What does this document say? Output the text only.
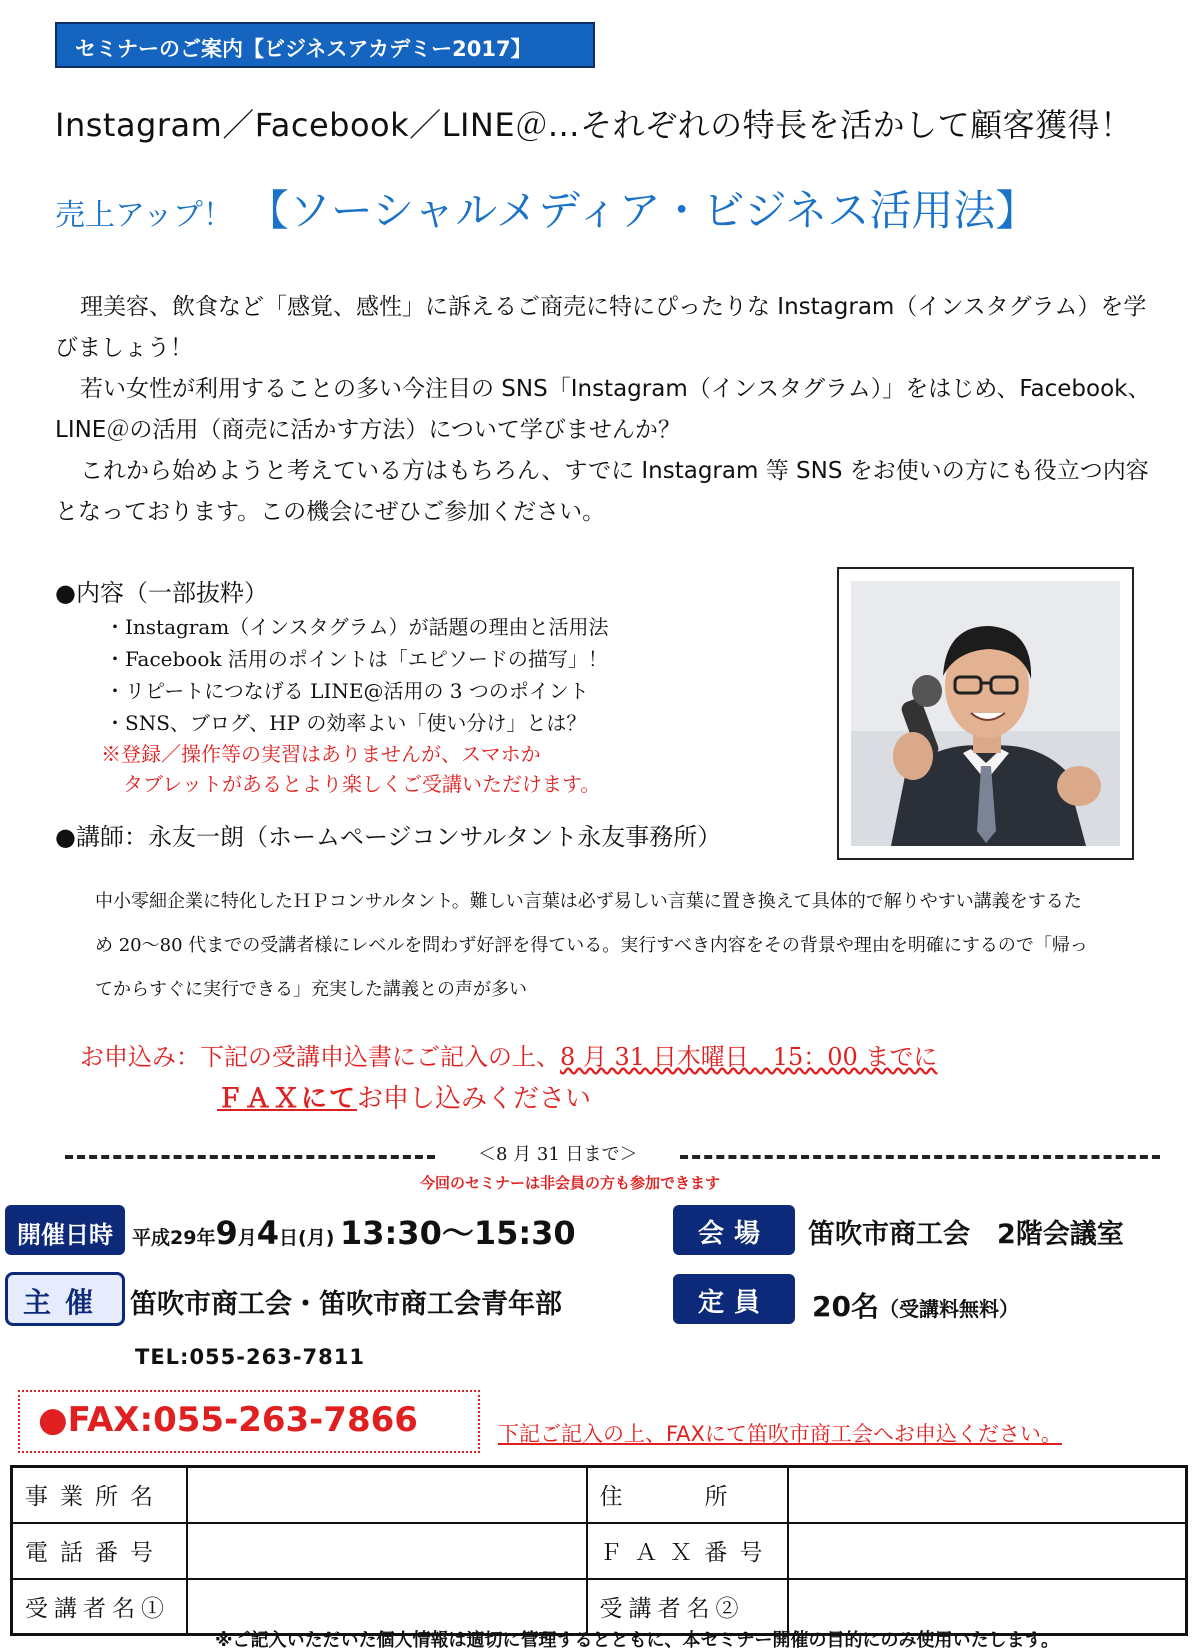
セミナーのご案内【ビジネスアカデミー2017】
Instagram／Facebook／LINE＠…それぞれの特長を活かして顧客獲得！
売上アップ！ 【ソーシャルメディア・ビジネス活用法】

理美容、飲食など「感覚、感性」に訴えるご商売に特にぴったりな Instagram（インスタグラム）を学びましょう！

若い女性が利用することの多い今注目の SNS「Instagram（インスタグラム）」をはじめ、Facebook、LINE＠の活用（商売に活かす方法）について学びませんか？

これから始めようと考えている方はもちろん、すでに Instagram 等 SNS をお使いの方にも役立つ内容となっております。この機会にぜひご参加ください。

●内容（一部抜粋）
・Instagram（インスタグラム）が話題の理由と活用法
・Facebook 活用のポイントは「エピソードの描写」！
・リピートにつなげる LINE@活用の 3 つのポイント
・SNS、ブログ、HP の効率よい「使い分け」とは？
※登録／操作等の実習はありませんが、スマホか
タブレットがあるとより楽しくご受講いただけます。
●講師：永友一朗（ホームページコンサルタント永友事務所）
中小零細企業に特化したＨＰコンサルタント。難しい言葉は必ず易しい言葉に置き換えて具体的で解りやすい講義をするため 20～80 代までの受講者様にレベルを問わず好評を得ている。実行すべき内容をその背景や理由を明確にするので「帰ってからすぐに実行できる」充実した講義との声が多い
お申込み：下記の受講申込書にご記入の上、8 月 31 日木曜日　15：00 までに
ＦＡＸにてお申し込みください
＜8 月 31 日まで＞
今回のセミナーは非会員の方も参加できます
開催日時	平成29年9月4日(月) 13:30～15:30	会場	笛吹市商工会　2階会議室
主催 笛吹市商工会・笛吹市商工会青年部	定員	20名（受講料無料）
TEL:055-263-7811
●FAX:055-263-7866	下記ご記入の上、FAXにて笛吹市商工会へお申込ください。
事業所名		住　　所	
電話番号		ＦＡＸ番号	
受講者名①		受講者名②	
※ご記入いただいた個人情報は適切に管理するとともに、本セミナー開催の目的にのみ使用いたします。
